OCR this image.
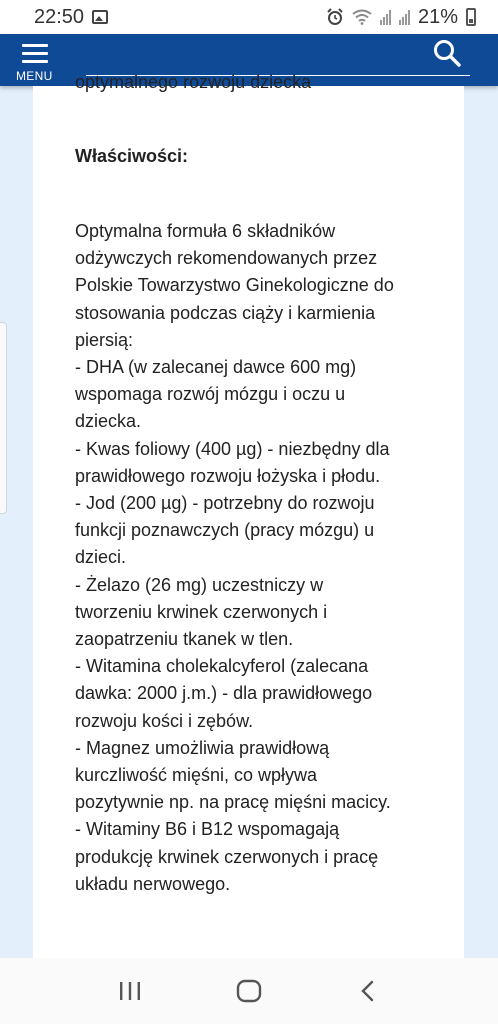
22:50	21%
MENU optymalnego rozwoju dziecka
Właściwości:
Optymalna formuła 6 składników
odżywczych rekomendowanych przez
Polskie Towarzystwo Ginekologiczne do
stosowania podczas ciąży i karmienia
piersią:
- DHA (w zalecanej dawce 600 mg)
wspomaga rozwój mózgu i oczu u
dziecka.
- Kwas foliowy (400 µg) - niezbędny dla
prawidłowego rozwoju łożyska i płodu.
- Jod (200 µg) - potrzebny do rozwoju
funkcji poznawczych (pracy mózgu) u
dzieci.
- Żelazo (26 mg) uczestniczy w
tworzeniu krwinek czerwonych i
zaopatrzeniu tkanek w tlen.
- Witamina cholekalcyferol (zalecana
dawka: 2000 j.m.) - dla prawidłowego
rozwoju kości i zębów.
- Magnez umożliwia prawidłową
kurczliwość mięśni, co wpływa
pozytywnie np. na pracę mięśni macicy.
- Witaminy B6 i B12 wspomagają
produkcję krwinek czerwonych i pracę
układu nerwowego.
